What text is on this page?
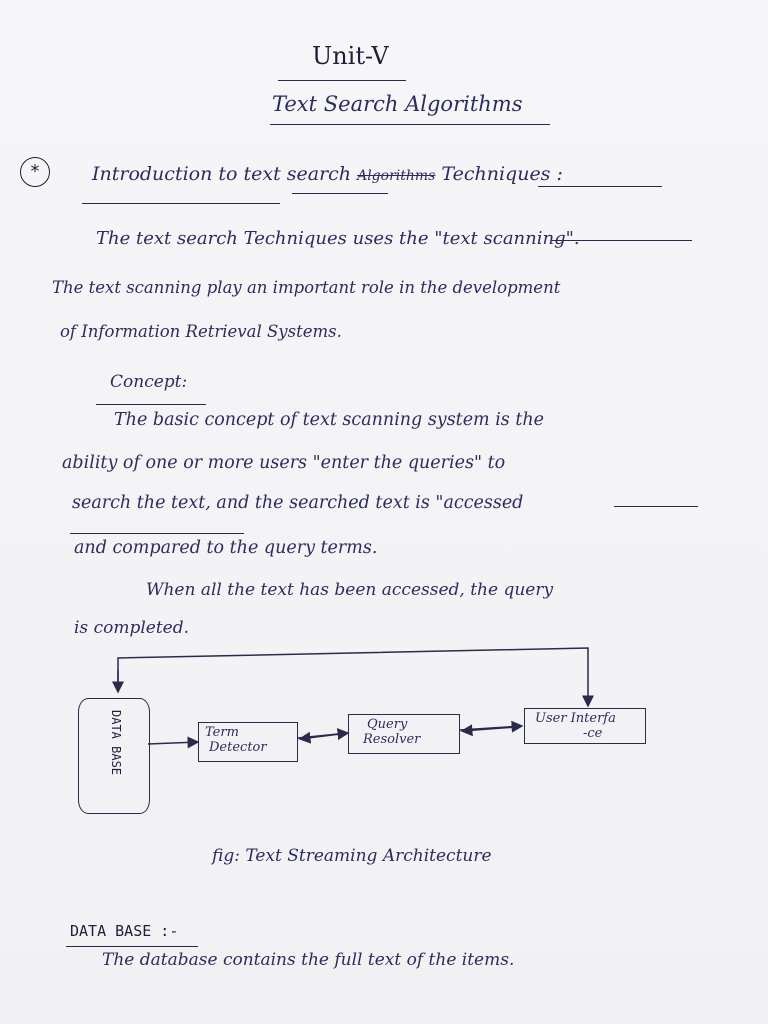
Unit-V
Text Search Algorithms
*	Introduction to text search Algorithms Techniques :
The text search Techniques uses the "text scanning".
The text scanning play an important role in the development
of Information Retrieval Systems.
Concept:
The basic concept of text scanning system is the
ability of one or more users "enter the queries" to
search the text, and the searched text is "accessed
and compared to the query terms.
When all the text has been accessed, the query
is completed.
DATA BASE	Term
Detector
Query
Resolver
User Interfa
-ce
fig: Text Streaming Architecture
DATA BASE :-
The database contains the full text of the items.
